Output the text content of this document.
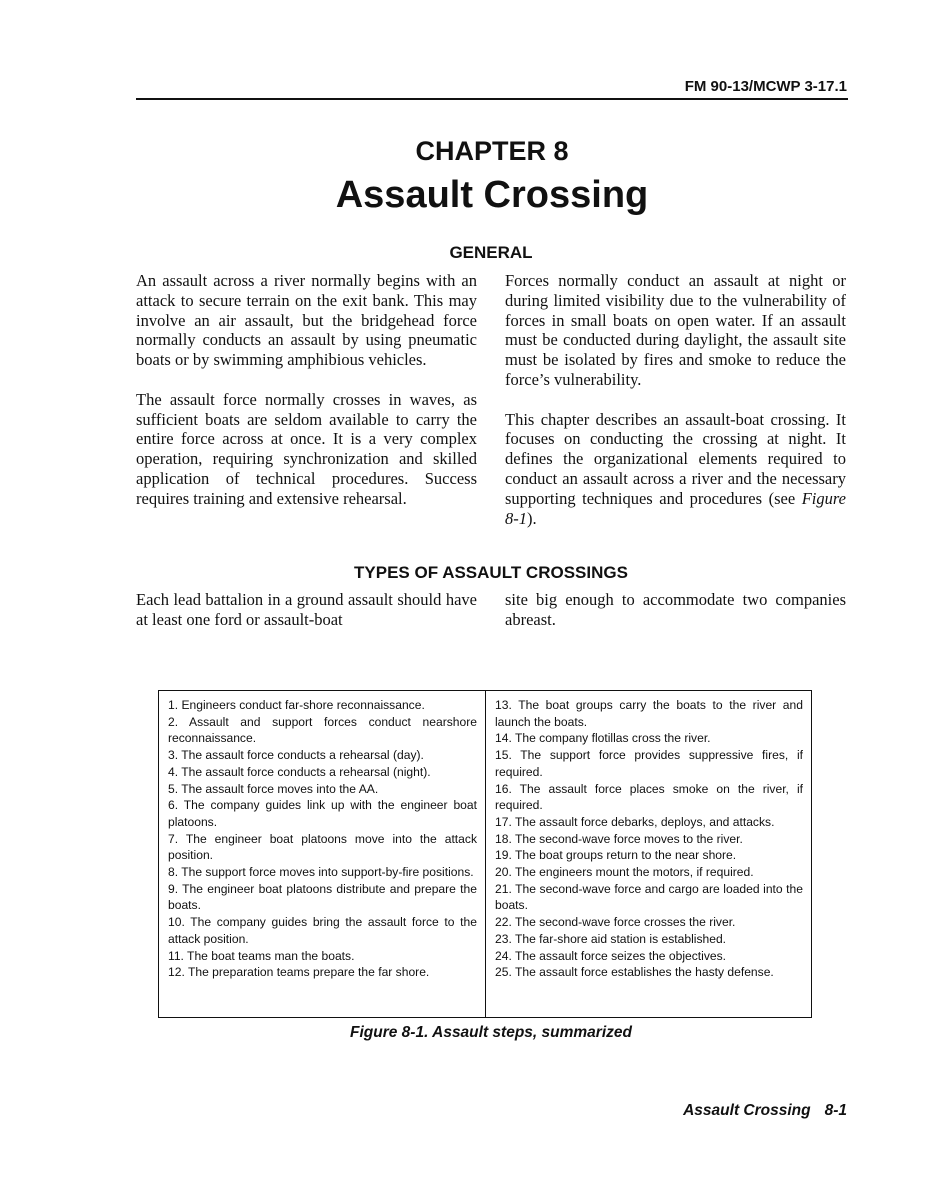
FM 90-13/MCWP 3-17.1
CHAPTER 8
Assault Crossing
GENERAL

An assault across a river normally begins with an attack to secure terrain on the exit bank. This may involve an air assault, but the bridgehead force normally conducts an assault by using pneumatic boats or by swimming amphibious vehicles.

The assault force normally crosses in waves, as sufficient boats are seldom available to carry the entire force across at once. It is a very complex operation, requiring synchronization and skilled application of technical procedures. Success requires training and extensive rehearsal.

Forces normally conduct an assault at night or during limited visibility due to the vulnerability of forces in small boats on open water. If an assault must be conducted during daylight, the assault site must be isolated by fires and smoke to reduce the force’s vulnerability.

This chapter describes an assault-boat crossing. It focuses on conducting the crossing at night. It defines the organizational elements required to conduct an assault across a river and the necessary supporting techniques and procedures (see Figure 8-1).

TYPES OF ASSAULT CROSSINGS

Each lead battalion in a ground assault should have at least one ford or assault-boat

site big enough to accommodate two companies abreast.

1. Engineers conduct far-shore reconnaissance.
2. Assault and support forces conduct nearshore reconnaissance.
3. The assault force conducts a rehearsal (day).
4. The assault force conducts a rehearsal (night).
5. The assault force moves into the AA.
6. The company guides link up with the engineer boat platoons.
7. The engineer boat platoons move into the attack position.
8. The support force moves into support-by-fire positions.
9. The engineer boat platoons distribute and prepare the boats.
10. The company guides bring the assault force to the attack position.
11. The boat teams man the boats.
12. The preparation teams prepare the far shore.
13. The boat groups carry the boats to the river and launch the boats.
14. The company flotillas cross the river.
15. The support force provides suppressive fires, if required.
16. The assault force places smoke on the river, if required.
17. The assault force debarks, deploys, and attacks.
18. The second-wave force moves to the river.
19. The boat groups return to the near shore.
20. The engineers mount the motors, if required.
21. The second-wave force and cargo are loaded into the boats.
22. The second-wave force crosses the river.
23. The far-shore aid station is established.
24. The assault force seizes the objectives.
25. The assault force establishes the hasty defense.
Figure 8-1. Assault steps, summarized
Assault Crossing 8-1
